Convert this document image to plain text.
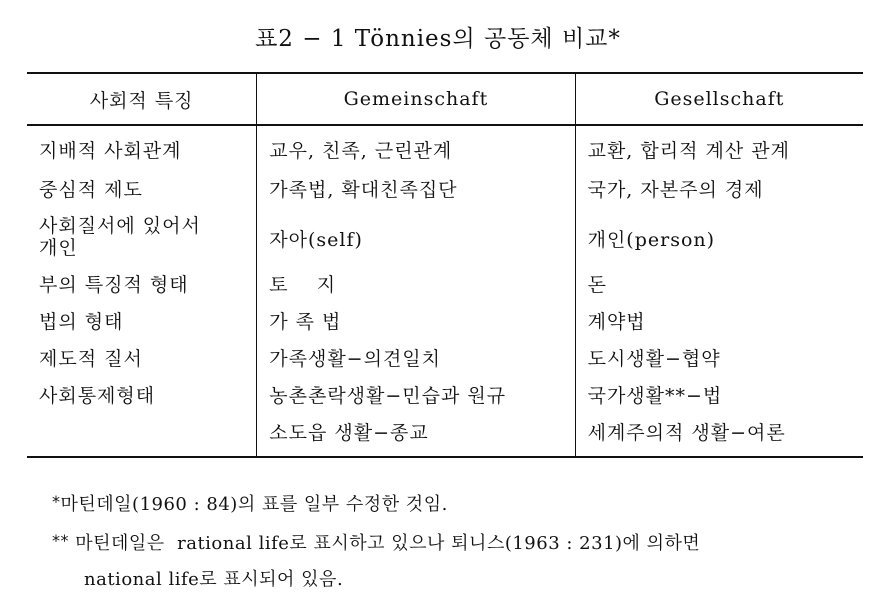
표2 − 1 Tönnies의 공동체 비교*
사회적 특징	Gemeinschaft	Gesellschaft
지배적 사회관계	교우, 친족, 근린관계	교환, 합리적 계산 관계
중심적 제도	가족법, 확대친족집단	국가, 자본주의 경제
사회질서에 있어서
개인	자아(self)	개인(person)
부의 특징적 형태	토    지	돈
법의 형태	가 족 법	계약법
제도적 질서	가족생활−의견일치	도시생활−협약
사회통제형태	농촌촌락생활−민습과 원규	국가생활**−법
	소도읍 생활−종교	세계주의적 생활−여론
*마틴데일(1960 : 84)의 표를 일부 수정한 것임.
** 마틴데일은  rational life로 표시하고 있으나 퇴니스(1963 : 231)에 의하면
national life로 표시되어 있음.
